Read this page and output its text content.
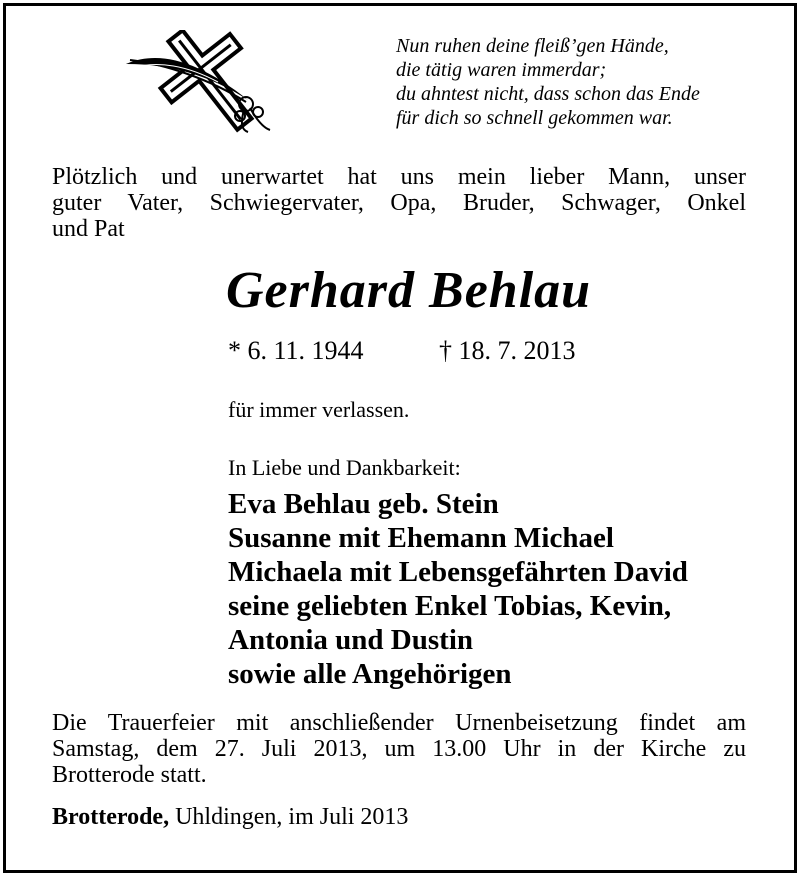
Nun ruhen deine fleiß’gen Hände,
die tätig waren immerdar;
du ahntest nicht, dass schon das Ende
für dich so schnell gekommen war.
Plötzlich und unerwartet hat uns mein lieber Mann, unser
guter Vater, Schwiegervater, Opa, Bruder, Schwager, Onkel
und Pat
Gerhard Behlau
* 6. 11. 1944	† 18. 7. 2013
für immer verlassen.
In Liebe und Dankbarkeit:
Eva Behlau geb. Stein
Susanne mit Ehemann Michael
Michaela mit Lebensgefährten David
seine geliebten Enkel Tobias, Kevin,
Antonia und Dustin
sowie alle Angehörigen
Die Trauerfeier mit anschließender Urnenbeisetzung findet am
Samstag, dem 27. Juli 2013, um 13.00 Uhr in der Kirche zu
Brotterode statt.
Brotterode, Uhldingen, im Juli 2013
